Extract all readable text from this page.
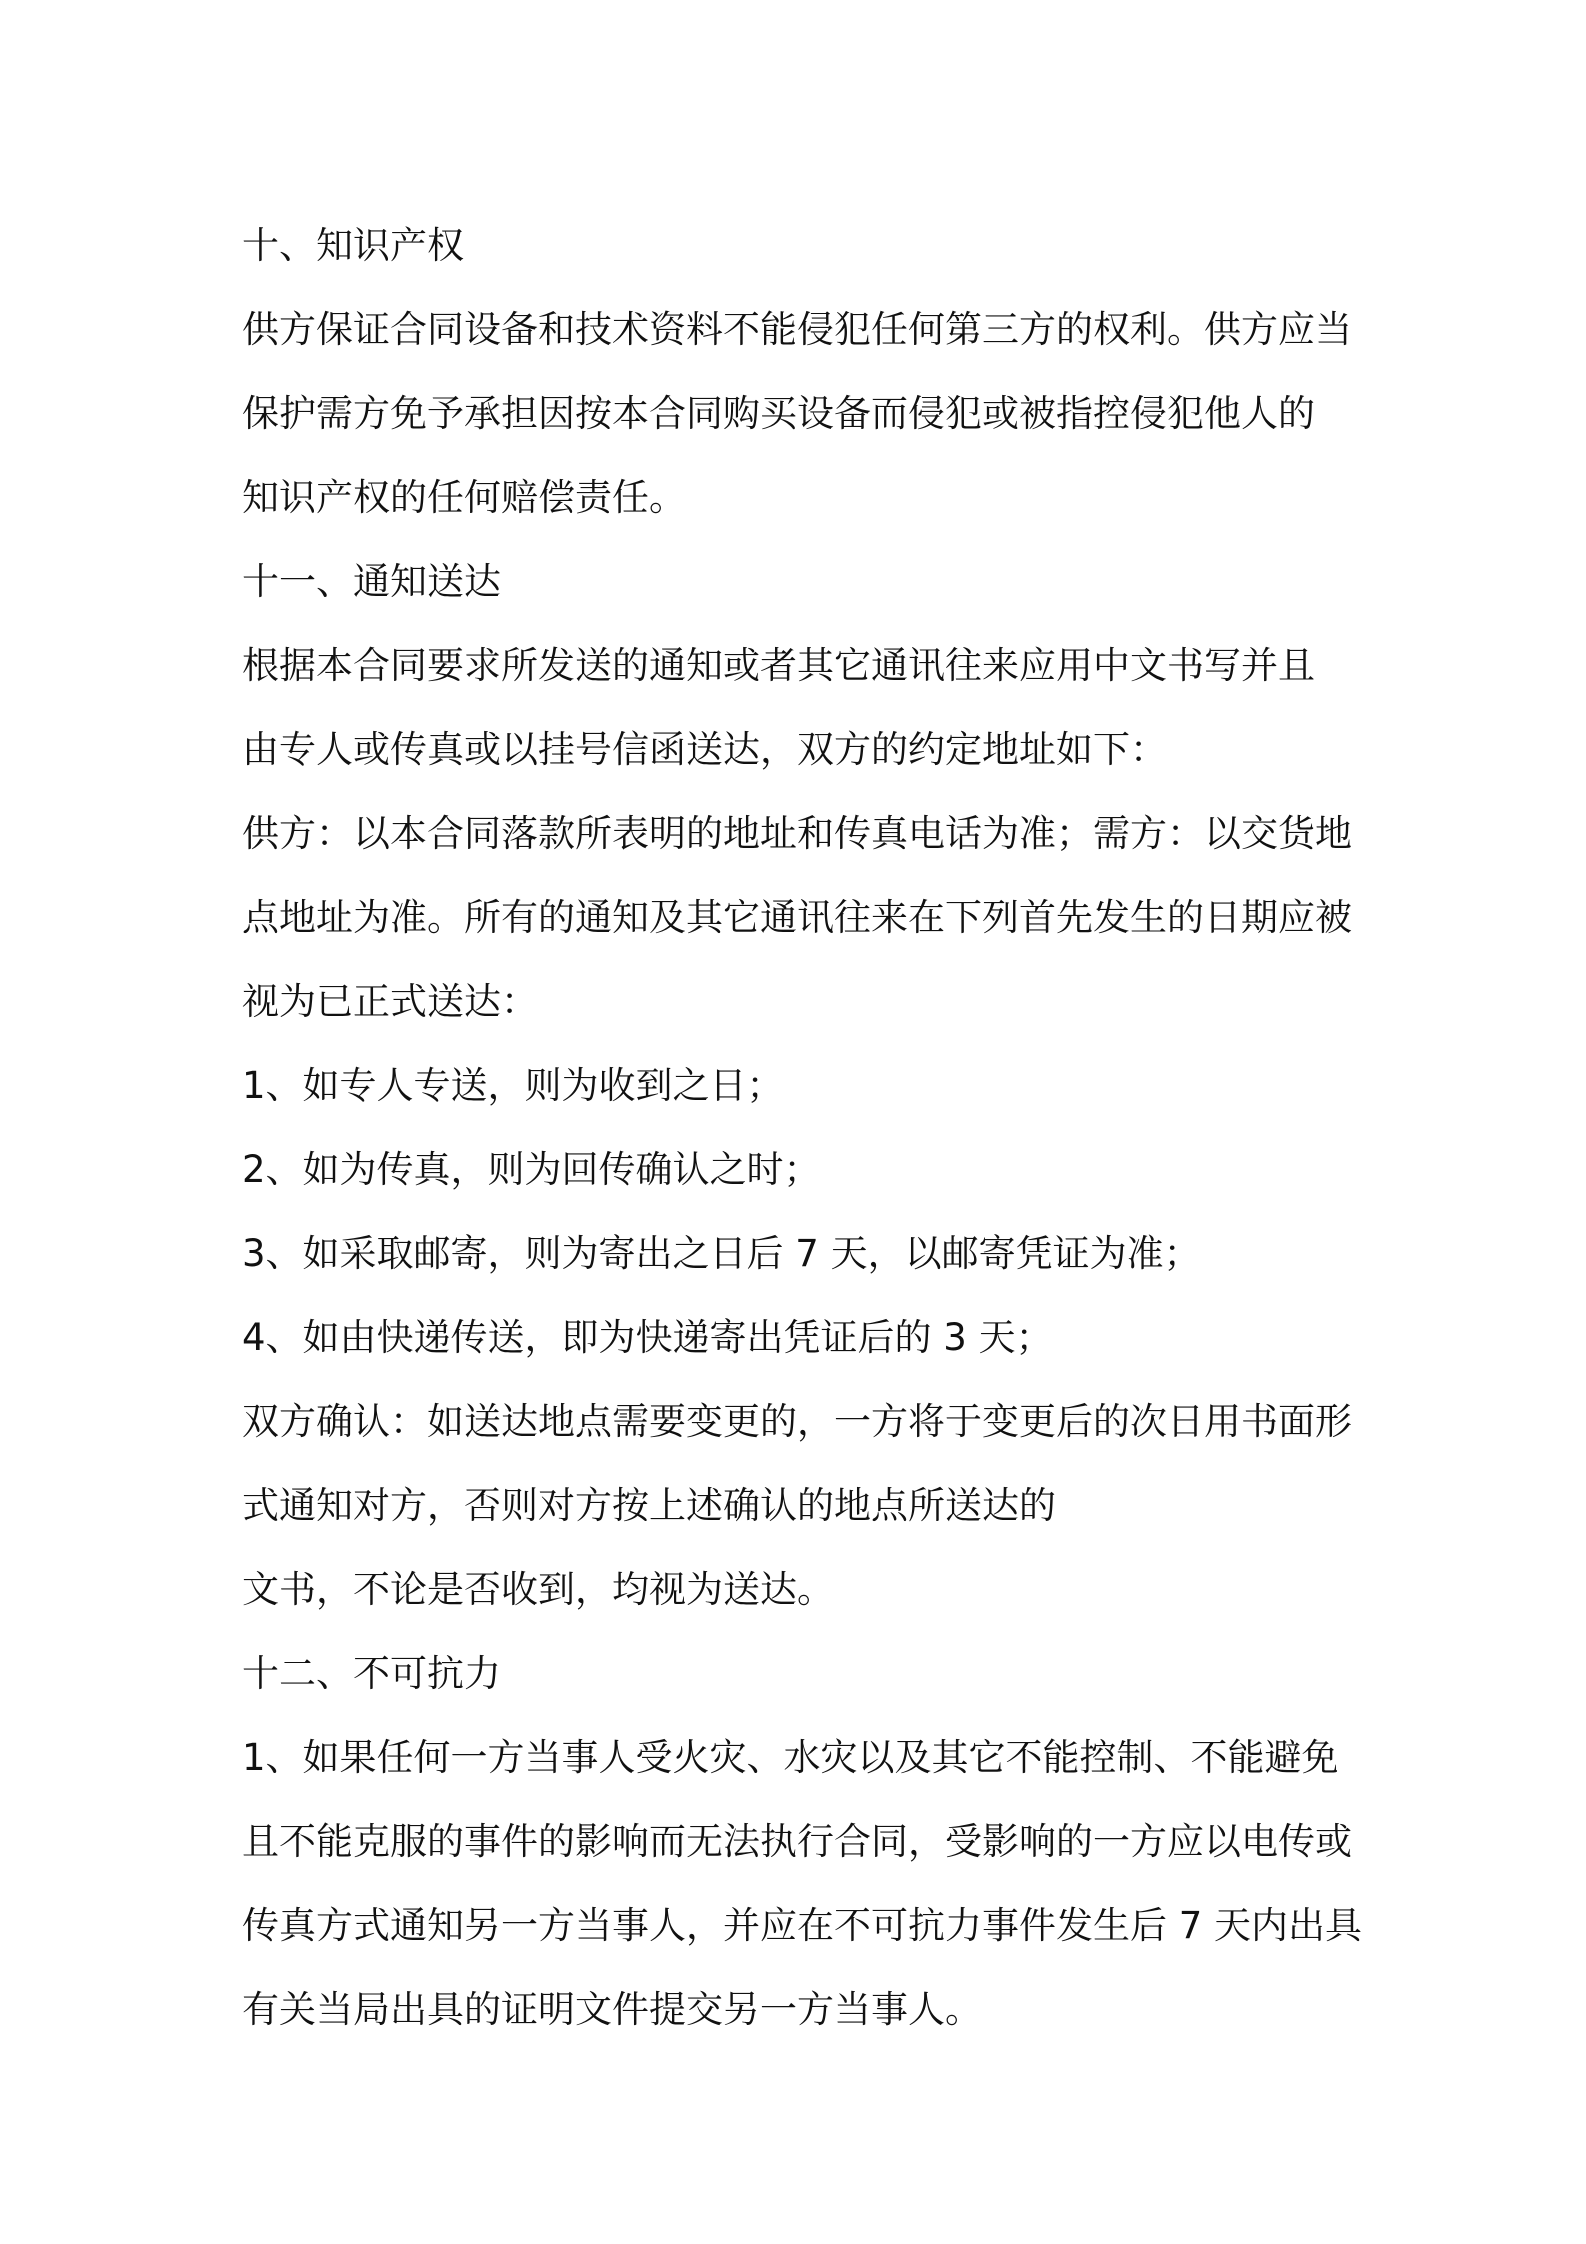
十、知识产权
供方保证合同设备和技术资料不能侵犯任何第三方的权利。供方应当
保护需方免予承担因按本合同购买设备而侵犯或被指控侵犯他人的
知识产权的任何赔偿责任。
十一、通知送达
根据本合同要求所发送的通知或者其它通讯往来应用中文书写并且
由专人或传真或以挂号信函送达，双方的约定地址如下：
供方：以本合同落款所表明的地址和传真电话为准；需方：以交货地
点地址为准。所有的通知及其它通讯往来在下列首先发生的日期应被
视为已正式送达：
1、如专人专送，则为收到之日；
2、如为传真，则为回传确认之时；
3、如采取邮寄，则为寄出之日后 7 天，以邮寄凭证为准；
4、如由快递传送，即为快递寄出凭证后的 3 天；
双方确认：如送达地点需要变更的，一方将于变更后的次日用书面形
式通知对方，否则对方按上述确认的地点所送达的
文书，不论是否收到，均视为送达。
十二、不可抗力
1、如果任何一方当事人受火灾、水灾以及其它不能控制、不能避免
且不能克服的事件的影响而无法执行合同，受影响的一方应以电传或
传真方式通知另一方当事人，并应在不可抗力事件发生后 7 天内出具
有关当局出具的证明文件提交另一方当事人。
